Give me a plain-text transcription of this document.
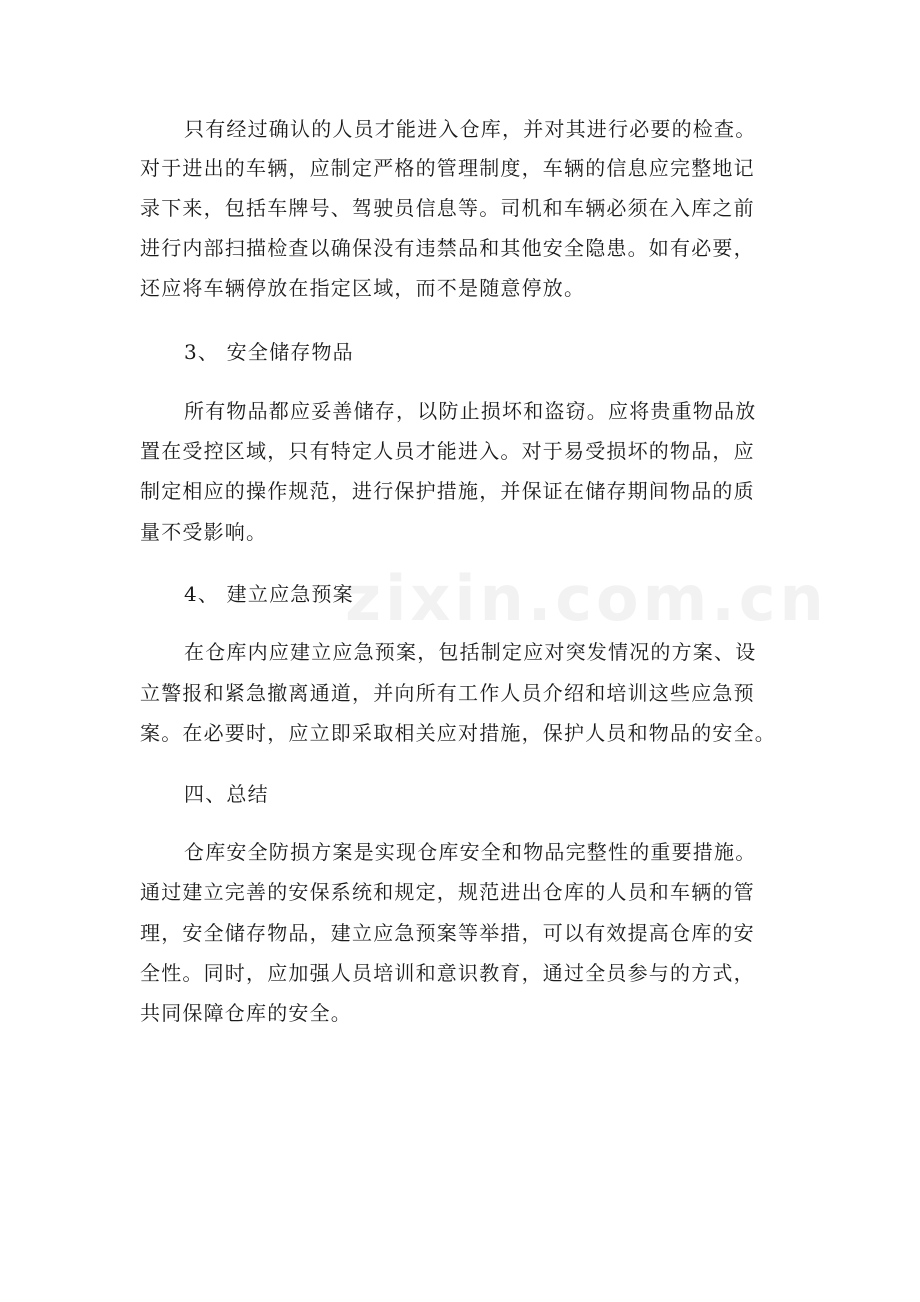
zixin.com.cn
只有经过确认的人员才能进入仓库，并对其进行必要的检查。
对于进出的车辆，应制定严格的管理制度，车辆的信息应完整地记
录下来，包括车牌号、驾驶员信息等。司机和车辆必须在入库之前
进行内部扫描检查以确保没有违禁品和其他安全隐患。如有必要，
还应将车辆停放在指定区域，而不是随意停放。
3、 安全储存物品
所有物品都应妥善储存，以防止损坏和盗窃。应将贵重物品放
置在受控区域，只有特定人员才能进入。对于易受损坏的物品，应
制定相应的操作规范，进行保护措施，并保证在储存期间物品的质
量不受影响。
4、 建立应急预案
在仓库内应建立应急预案，包括制定应对突发情况的方案、设
立警报和紧急撤离通道，并向所有工作人员介绍和培训这些应急预
案。在必要时，应立即采取相关应对措施，保护人员和物品的安全。
四、总结
仓库安全防损方案是实现仓库安全和物品完整性的重要措施。
通过建立完善的安保系统和规定，规范进出仓库的人员和车辆的管
理，安全储存物品，建立应急预案等举措，可以有效提高仓库的安
全性。同时，应加强人员培训和意识教育，通过全员参与的方式，
共同保障仓库的安全。
